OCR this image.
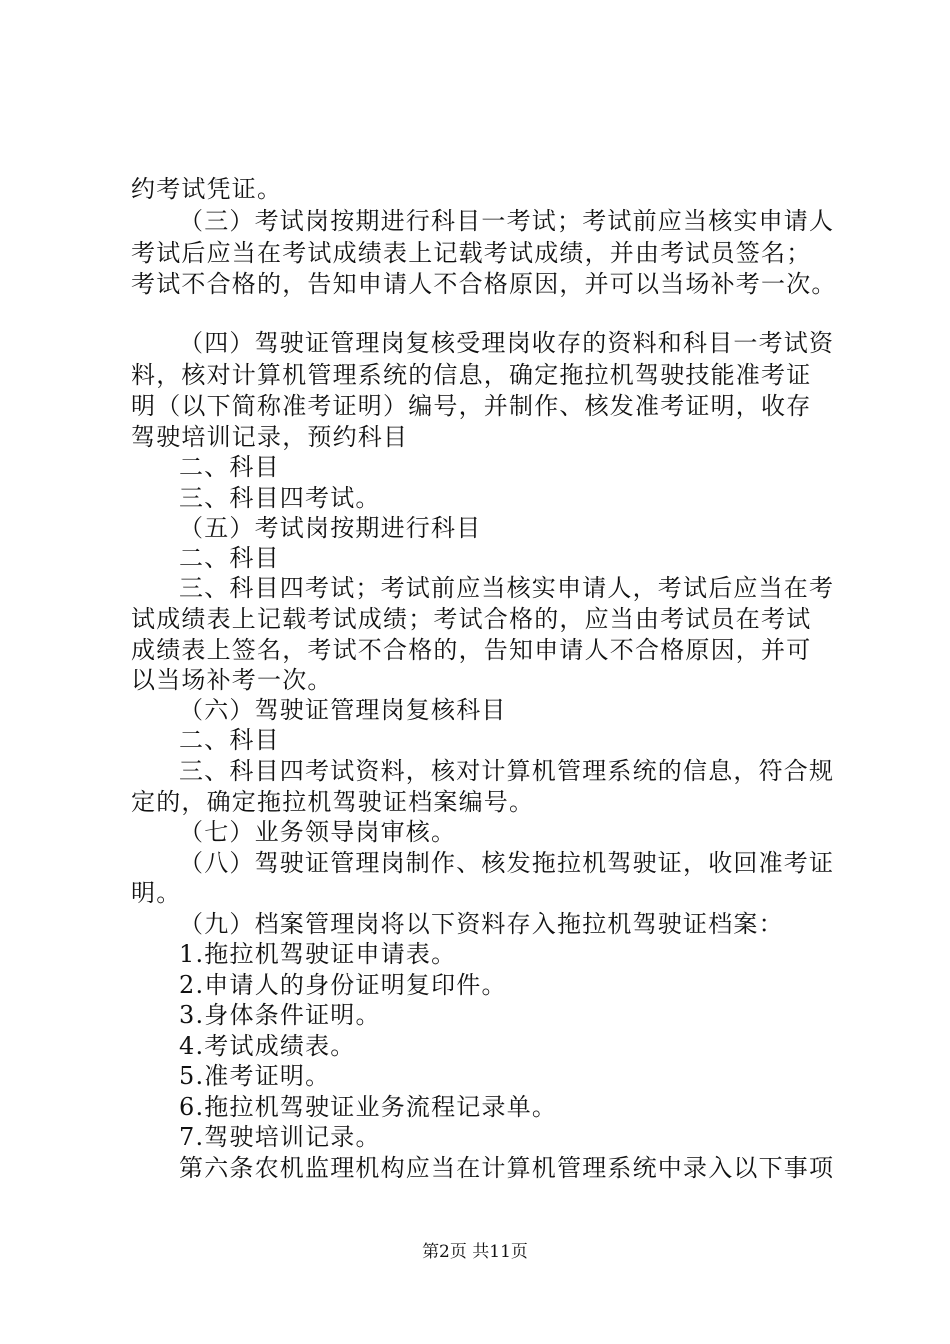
约考试凭证。
（三）考试岗按期进行科目一考试；考试前应当核实申请人
考试后应当在考试成绩表上记载考试成绩，并由考试员签名；
考试不合格的，告知申请人不合格原因，并可以当场补考一次。
（四）驾驶证管理岗复核受理岗收存的资料和科目一考试资
料，核对计算机管理系统的信息，确定拖拉机驾驶技能准考证
明（以下简称准考证明）编号，并制作、核发准考证明，收存
驾驶培训记录，预约科目
二、科目
三、科目四考试。
（五）考试岗按期进行科目
二、科目
三、科目四考试；考试前应当核实申请人，考试后应当在考
试成绩表上记载考试成绩；考试合格的，应当由考试员在考试
成绩表上签名，考试不合格的，告知申请人不合格原因，并可
以当场补考一次。
（六）驾驶证管理岗复核科目
二、科目
三、科目四考试资料，核对计算机管理系统的信息，符合规
定的，确定拖拉机驾驶证档案编号。
（七）业务领导岗审核。
（八）驾驶证管理岗制作、核发拖拉机驾驶证，收回准考证
明。
（九）档案管理岗将以下资料存入拖拉机驾驶证档案：
1.拖拉机驾驶证申请表。
2.申请人的身份证明复印件。
3.身体条件证明。
4.考试成绩表。
5.准考证明。
6.拖拉机驾驶证业务流程记录单。
7.驾驶培训记录。
第六条农机监理机构应当在计算机管理系统中录入以下事项
第2页 共11页
